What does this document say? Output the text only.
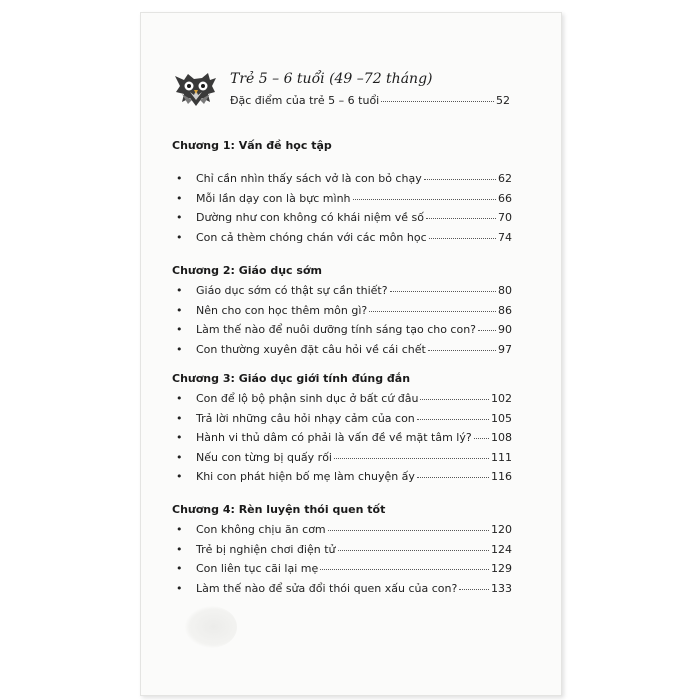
Trẻ 5 – 6 tuổi (49 –72 tháng)
Đặc điểm của trẻ 5 – 6 tuổi	52
Chương 1: Vấn đề học tập
• Chỉ cần nhìn thấy sách vở là con bỏ chạy	62
• Mỗi lần dạy con là bực mình	66
• Dường như con không có khái niệm về số	70
• Con cả thèm chóng chán với các môn học	74
Chương 2: Giáo dục sớm
• Giáo dục sớm có thật sự cần thiết?	80
• Nên cho con học thêm môn gì?	86
• Làm thế nào để nuôi dưỡng tính sáng tạo cho con? 90
• Con thường xuyên đặt câu hỏi về cái chết	97
Chương 3: Giáo dục giới tính đúng đắn
• Con để lộ bộ phận sinh dục ở bất cứ đâu	102
• Trả lời những câu hỏi nhạy cảm của con	105
• Hành vi thủ dâm có phải là vấn đề về mặt tâm lý? 108
• Nếu con từng bị quấy rối	111
• Khi con phát hiện bố mẹ làm chuyện ấy	116
Chương 4: Rèn luyện thói quen tốt
• Con không chịu ăn cơm	120
• Trẻ bị nghiện chơi điện tử	124
• Con liên tục cãi lại mẹ	129
• Làm thế nào để sửa đổi thói quen xấu của con?	133
